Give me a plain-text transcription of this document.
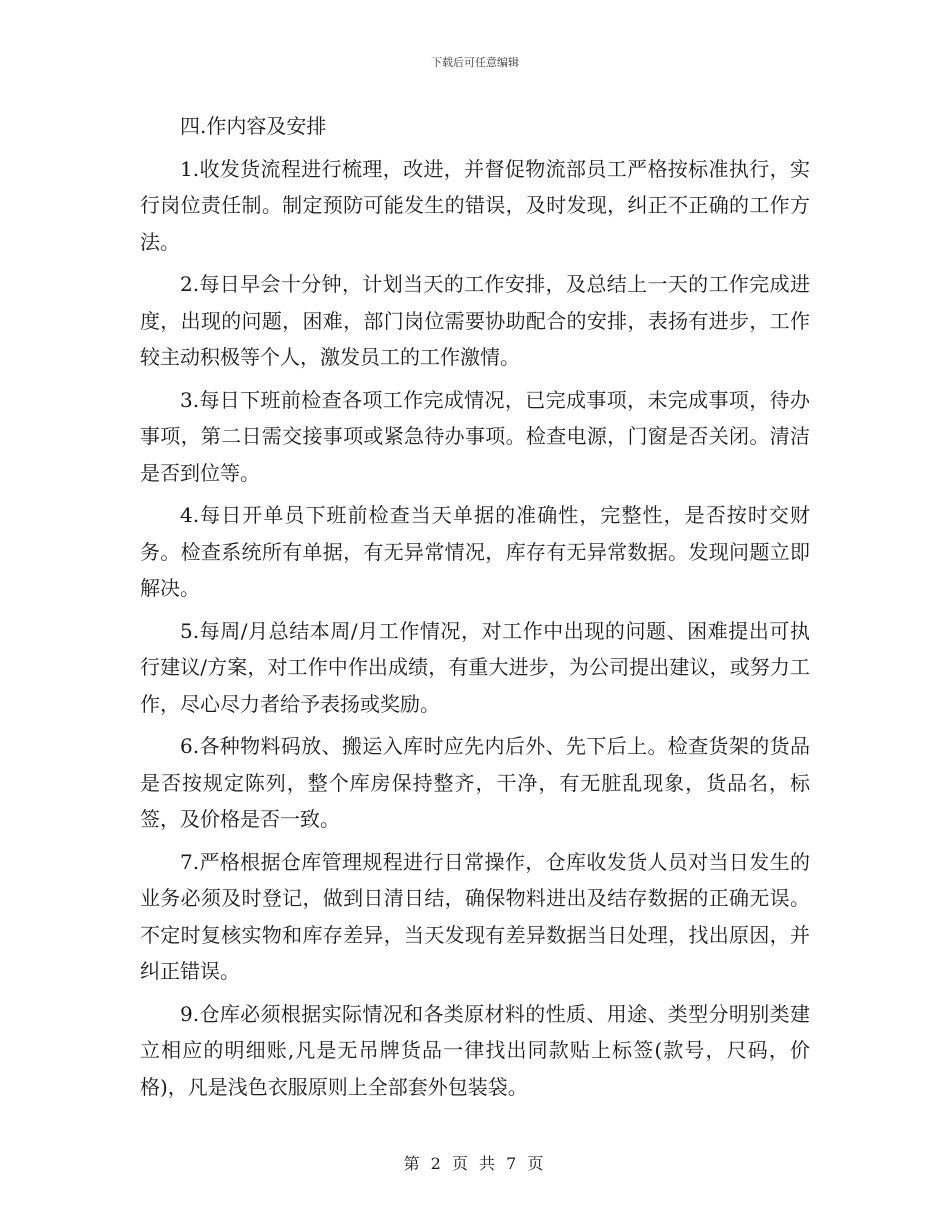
下载后可任意编辑

四.作内容及安排

1.收发货流程进行梳理，改进，并督促物流部员工严格按标准执行，实行岗位责任制。制定预防可能发生的错误，及时发现，纠正不正确的工作方法。

2.每日早会十分钟，计划当天的工作安排，及总结上一天的工作完成进度，出现的问题，困难，部门岗位需要协助配合的安排，表扬有进步，工作较主动积极等个人，激发员工的工作激情。

3.每日下班前检查各项工作完成情况，已完成事项，未完成事项，待办事项，第二日需交接事项或紧急待办事项。检查电源，门窗是否关闭。清洁是否到位等。

4.每日开单员下班前检查当天单据的准确性，完整性，是否按时交财务。检查系统所有单据，有无异常情况，库存有无异常数据。发现问题立即解决。

5.每周/月总结本周/月工作情况，对工作中出现的问题、困难提出可执行建议/方案，对工作中作出成绩，有重大进步，为公司提出建议，或努力工作，尽心尽力者给予表扬或奖励。

6.各种物料码放、搬运入库时应先内后外、先下后上。检查货架的货品是否按规定陈列，整个库房保持整齐，干净，有无脏乱现象，货品名，标签，及价格是否一致。

7.严格根据仓库管理规程进行日常操作，仓库收发货人员对当日发生的业务必须及时登记，做到日清日结，确保物料进出及结存数据的正确无误。不定时复核实物和库存差异，当天发现有差异数据当日处理，找出原因，并纠正错误。

9.仓库必须根据实际情况和各类原材料的性质、用途、类型分明别类建立相应的明细账,凡是无吊牌货品一律找出同款贴上标签(款号，尺码，价格)，凡是浅色衣服原则上全部套外包装袋。

第 2 页 共 7 页
